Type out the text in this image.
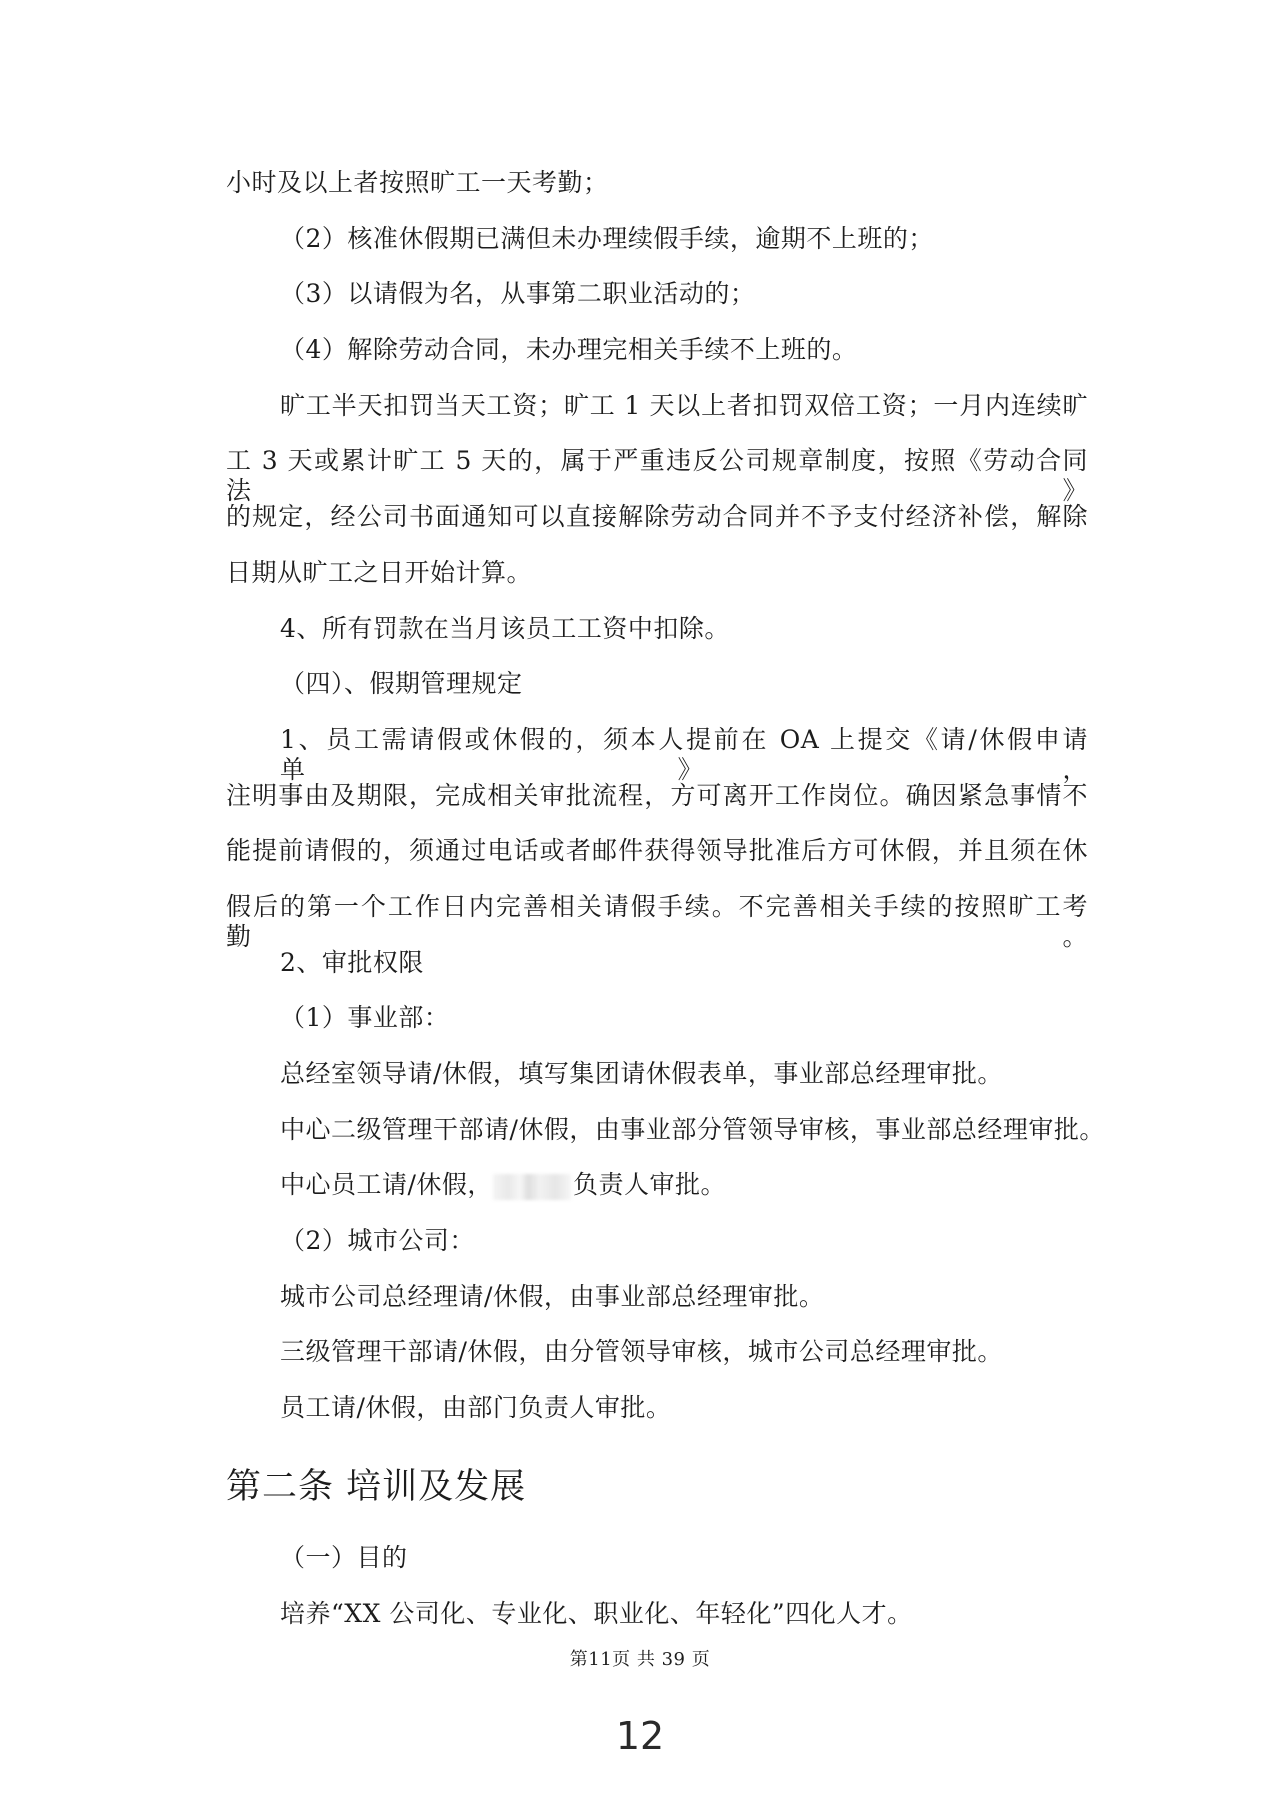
小时及以上者按照旷工一天考勤；
（2）核准休假期已满但未办理续假手续，逾期不上班的；
（3）以请假为名，从事第二职业活动的；
（4）解除劳动合同，未办理完相关手续不上班的。
旷工半天扣罚当天工资；旷工 1 天以上者扣罚双倍工资；一月内连续旷
工 3 天或累计旷工 5 天的，属于严重违反公司规章制度，按照《劳动合同法》
的规定，经公司书面通知可以直接解除劳动合同并不予支付经济补偿，解除
日期从旷工之日开始计算。
4、所有罚款在当月该员工工资中扣除。
（四）、假期管理规定
1、员工需请假或休假的，须本人提前在 OA 上提交《请/休假申请单》，
注明事由及期限，完成相关审批流程，方可离开工作岗位。确因紧急事情不
能提前请假的，须通过电话或者邮件获得领导批准后方可休假，并且须在休
假后的第一个工作日内完善相关请假手续。不完善相关手续的按照旷工考勤。
2、审批权限
（1）事业部：
总经室领导请/休假，填写集团请休假表单，事业部总经理审批。
中心二级管理干部请/休假，由事业部分管领导审核，事业部总经理审批。
中心员工请/休假，	负责人审批。
（2）城市公司：
城市公司总经理请/休假，由事业部总经理审批。
三级管理干部请/休假，由分管领导审核，城市公司总经理审批。
员工请/休假，由部门负责人审批。
第二条 培训及发展
（一）目的
培养“XX 公司化、专业化、职业化、年轻化”四化人才。
第11页 共 39 页
12
